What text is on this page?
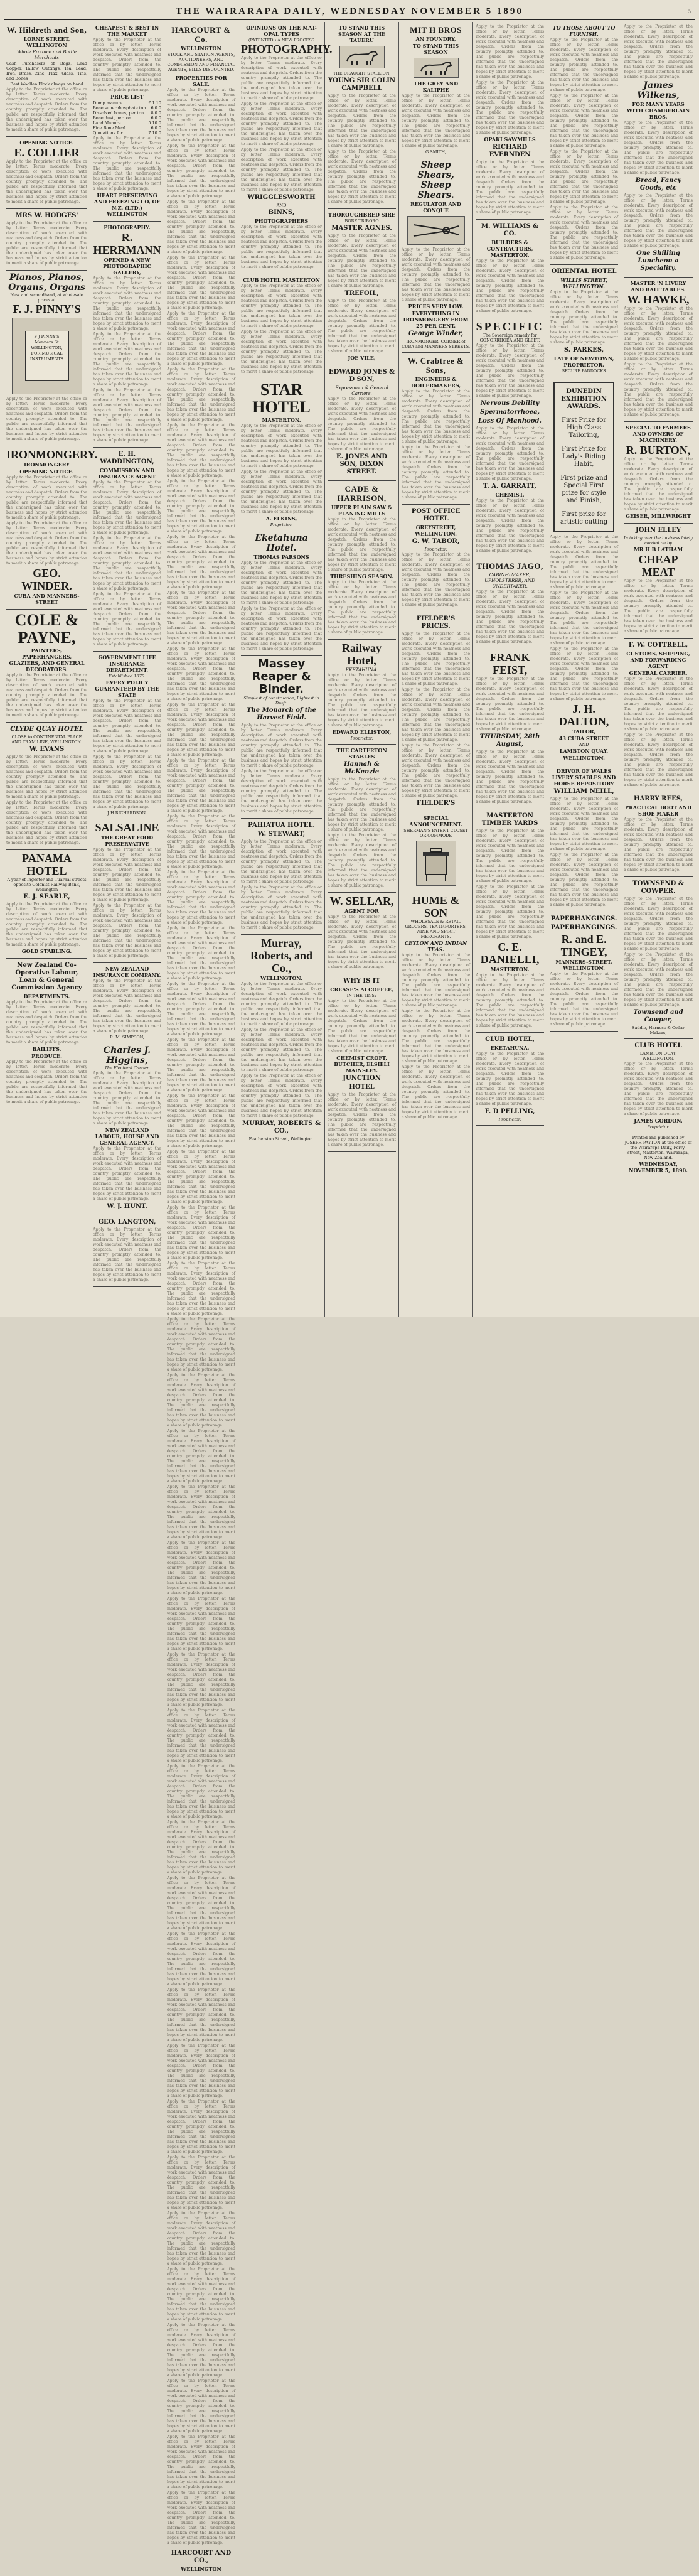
THE WAIRARAPA DAILY, WEDNESDAY NOVEMBER 5 1890	5
W. Hildreth and Son,
LORNE STREET, WELLINGTON
Whole Produce and Bottle Merchants

Cash Purchasers of Bags, Lead Copper, Tallow Cuttings, Tea, Lead, Iron, Brass, Zinc, Flax, Glass, Tins, and Bones

Best Woollen Flock always on hand

Apply to the Proprietor at the office or by letter. Terms moderate. Every description of work executed with neatness and despatch. Orders from the country promptly attended to. The public are respectfully informed that the undersigned has taken over the business and hopes by strict attention to merit a share of public patronage.

OPENING NOTICE.
E. COLLIER

Apply to the Proprietor at the office or by letter. Terms moderate. Every description of work executed with neatness and despatch. Orders from the country promptly attended to. The public are respectfully informed that the undersigned has taken over the business and hopes by strict attention to merit a share of public patronage.

MRS W. HODGES'

Apply to the Proprietor at the office or by letter. Terms moderate. Every description of work executed with neatness and despatch. Orders from the country promptly attended to. The public are respectfully informed that the undersigned has taken over the business and hopes by strict attention to merit a share of public patronage.

Pianos, Pianos, Organs, Organs
New and secondhand, at wholesale prices at
F. J. PINNY'S
F J PINNY'S Manners St WELLINGTON, FOR MUSICAL INSTRUMENTS

Apply to the Proprietor at the office or by letter. Terms moderate. Every description of work executed with neatness and despatch. Orders from the country promptly attended to. The public are respectfully informed that the undersigned has taken over the business and hopes by strict attention to merit a share of public patronage.

IRONMONGERY.
IRONMONGERY
OPENING NOTICE.

Apply to the Proprietor at the office or by letter. Terms moderate. Every description of work executed with neatness and despatch. Orders from the country promptly attended to. The public are respectfully informed that the undersigned has taken over the business and hopes by strict attention to merit a share of public patronage.

Apply to the Proprietor at the office or by letter. Terms moderate. Every description of work executed with neatness and despatch. Orders from the country promptly attended to. The public are respectfully informed that the undersigned has taken over the business and hopes by strict attention to merit a share of public patronage.

GEO. WINDER.
CUBA AND MANNERS-STREET
COLE &
PAYNE,
PAINTERS, PAPERHANGERS, GLAZIERS, AND GENERAL DECORATORS.

Apply to the Proprietor at the office or by letter. Terms moderate. Every description of work executed with neatness and despatch. Orders from the country promptly attended to. The public are respectfully informed that the undersigned has taken over the business and hopes by strict attention to merit a share of public patronage.

CLYDE QUAY HOTEL
CLOSE to CONTINENTAL PLACE AND TRAM LINE, WELLINGTON.
W. EVANS

Apply to the Proprietor at the office or by letter. Terms moderate. Every description of work executed with neatness and despatch. Orders from the country promptly attended to. The public are respectfully informed that the undersigned has taken over the business and hopes by strict attention to merit a share of public patronage.

Apply to the Proprietor at the office or by letter. Terms moderate. Every description of work executed with neatness and despatch. Orders from the country promptly attended to. The public are respectfully informed that the undersigned has taken over the business and hopes by strict attention to merit a share of public patronage.

PANAMA HOTEL
A year of Ingestor and Tuarnal streets opposite Colonist Railway Bank, Wellington
E. J. SEARLE,

Apply to the Proprietor at the office or by letter. Terms moderate. Every description of work executed with neatness and despatch. Orders from the country promptly attended to. The public are respectfully informed that the undersigned has taken over the business and hopes by strict attention to merit a share of public patronage.

GOLD STABLING.
New Zealand Co-Operative Labour, Loan & General Commission Agency
DEPARTMENTS.

Apply to the Proprietor at the office or by letter. Terms moderate. Every description of work executed with neatness and despatch. Orders from the country promptly attended to. The public are respectfully informed that the undersigned has taken over the business and hopes by strict attention to merit a share of public patronage.

BAILIFFS.
PRODUCE.

Apply to the Proprietor at the office or by letter. Terms moderate. Every description of work executed with neatness and despatch. Orders from the country promptly attended to. The public are respectfully informed that the undersigned has taken over the business and hopes by strict attention to merit a share of public patronage.

CHEAPEST & BEST IN THE MARKET

Apply to the Proprietor at the office or by letter. Terms moderate. Every description of work executed with neatness and despatch. Orders from the country promptly attended to. The public are respectfully informed that the undersigned has taken over the business and hopes by strict attention to merit a share of public patronage.

PRICE LIST
Dump manure	£ 1 10
Bone superphosphate ton 6 0 0
Dissolved bones, per ton 8 0 0
Bone dust, per ton	6 0 0
Land Manure	5 10 0
Fine Bone Meal	6 0 0
Quotations for	7 10 0

Apply to the Proprietor at the office or by letter. Terms moderate. Every description of work executed with neatness and despatch. Orders from the country promptly attended to. The public are respectfully informed that the undersigned has taken over the business and hopes by strict attention to merit a share of public patronage.

HEART PRESERVING AND FREEZING CO, OF N.Z. (LTD.) WELLINGTON
PHOTOGRAPHY.
R. HERRMANN
OPENED A NEW PHOTOGRAPHIC GALLERY,

Apply to the Proprietor at the office or by letter. Terms moderate. Every description of work executed with neatness and despatch. Orders from the country promptly attended to. The public are respectfully informed that the undersigned has taken over the business and hopes by strict attention to merit a share of public patronage.

Apply to the Proprietor at the office or by letter. Terms moderate. Every description of work executed with neatness and despatch. Orders from the country promptly attended to. The public are respectfully informed that the undersigned has taken over the business and hopes by strict attention to merit a share of public patronage.

Apply to the Proprietor at the office or by letter. Terms moderate. Every description of work executed with neatness and despatch. Orders from the country promptly attended to. The public are respectfully informed that the undersigned has taken over the business and hopes by strict attention to merit a share of public patronage.

E. H. WADDINGTON,
COMMISSION AND INSURANCE AGENT

Apply to the Proprietor at the office or by letter. Terms moderate. Every description of work executed with neatness and despatch. Orders from the country promptly attended to. The public are respectfully informed that the undersigned has taken over the business and hopes by strict attention to merit a share of public patronage.

Apply to the Proprietor at the office or by letter. Terms moderate. Every description of work executed with neatness and despatch. Orders from the country promptly attended to. The public are respectfully informed that the undersigned has taken over the business and hopes by strict attention to merit a share of public patronage.

Apply to the Proprietor at the office or by letter. Terms moderate. Every description of work executed with neatness and despatch. Orders from the country promptly attended to. The public are respectfully informed that the undersigned has taken over the business and hopes by strict attention to merit a share of public patronage.

GOVERNMENT LIFE INSURANCE DEPARTMENT.
Established 1870.
EVERY POLICY GUARANTEED BY THE STATE

Apply to the Proprietor at the office or by letter. Terms moderate. Every description of work executed with neatness and despatch. Orders from the country promptly attended to. The public are respectfully informed that the undersigned has taken over the business and hopes by strict attention to merit a share of public patronage.

Apply to the Proprietor at the office or by letter. Terms moderate. Every description of work executed with neatness and despatch. Orders from the country promptly attended to. The public are respectfully informed that the undersigned has taken over the business and hopes by strict attention to merit a share of public patronage.

J H RICHARDSON,
SALSALINE
THE GREAT FOOD PRESERVATIVE

Apply to the Proprietor at the office or by letter. Terms moderate. Every description of work executed with neatness and despatch. Orders from the country promptly attended to. The public are respectfully informed that the undersigned has taken over the business and hopes by strict attention to merit a share of public patronage.

Apply to the Proprietor at the office or by letter. Terms moderate. Every description of work executed with neatness and despatch. Orders from the country promptly attended to. The public are respectfully informed that the undersigned has taken over the business and hopes by strict attention to merit a share of public patronage.

NEW ZEALAND INSURANCE COMPANY.

Apply to the Proprietor at the office or by letter. Terms moderate. Every description of work executed with neatness and despatch. Orders from the country promptly attended to. The public are respectfully informed that the undersigned has taken over the business and hopes by strict attention to merit a share of public patronage.

R. M. SIMPSON,
Charles J. Higgins,
The Electoral Carrier.

Apply to the Proprietor at the office or by letter. Terms moderate. Every description of work executed with neatness and despatch. Orders from the country promptly attended to. The public are respectfully informed that the undersigned has taken over the business and hopes by strict attention to merit a share of public patronage.

NEW ZEALAND LABOUR, HOUSE AND GENERAL AGENCY.

Apply to the Proprietor at the office or by letter. Terms moderate. Every description of work executed with neatness and despatch. Orders from the country promptly attended to. The public are respectfully informed that the undersigned has taken over the business and hopes by strict attention to merit a share of public patronage.

W. J. HUNT.
GEO. LANGTON,

Apply to the Proprietor at the office or by letter. Terms moderate. Every description of work executed with neatness and despatch. Orders from the country promptly attended to. The public are respectfully informed that the undersigned has taken over the business and hopes by strict attention to merit a share of public patronage.

HARCOURT & Co.
WELLINGTON
STOCK AND STATION AGENTS, AUCTIONEERS, AND COMMISSION AND FINANCIAL AGENTS, BILLS DISCOUNTED.
PROPERTIES FOR SALE.

Apply to the Proprietor at the office or by letter. Terms moderate. Every description of work executed with neatness and despatch. Orders from the country promptly attended to. The public are respectfully informed that the undersigned has taken over the business and hopes by strict attention to merit a share of public patronage.

Apply to the Proprietor at the office or by letter. Terms moderate. Every description of work executed with neatness and despatch. Orders from the country promptly attended to. The public are respectfully informed that the undersigned has taken over the business and hopes by strict attention to merit a share of public patronage.

Apply to the Proprietor at the office or by letter. Terms moderate. Every description of work executed with neatness and despatch. Orders from the country promptly attended to. The public are respectfully informed that the undersigned has taken over the business and hopes by strict attention to merit a share of public patronage.

Apply to the Proprietor at the office or by letter. Terms moderate. Every description of work executed with neatness and despatch. Orders from the country promptly attended to. The public are respectfully informed that the undersigned has taken over the business and hopes by strict attention to merit a share of public patronage.

Apply to the Proprietor at the office or by letter. Terms moderate. Every description of work executed with neatness and despatch. Orders from the country promptly attended to. The public are respectfully informed that the undersigned has taken over the business and hopes by strict attention to merit a share of public patronage.

Apply to the Proprietor at the office or by letter. Terms moderate. Every description of work executed with neatness and despatch. Orders from the country promptly attended to. The public are respectfully informed that the undersigned has taken over the business and hopes by strict attention to merit a share of public patronage.

Apply to the Proprietor at the office or by letter. Terms moderate. Every description of work executed with neatness and despatch. Orders from the country promptly attended to. The public are respectfully informed that the undersigned has taken over the business and hopes by strict attention to merit a share of public patronage.

Apply to the Proprietor at the office or by letter. Terms moderate. Every description of work executed with neatness and despatch. Orders from the country promptly attended to. The public are respectfully informed that the undersigned has taken over the business and hopes by strict attention to merit a share of public patronage.

Apply to the Proprietor at the office or by letter. Terms moderate. Every description of work executed with neatness and despatch. Orders from the country promptly attended to. The public are respectfully informed that the undersigned has taken over the business and hopes by strict attention to merit a share of public patronage.

Apply to the Proprietor at the office or by letter. Terms moderate. Every description of work executed with neatness and despatch. Orders from the country promptly attended to. The public are respectfully informed that the undersigned has taken over the business and hopes by strict attention to merit a share of public patronage.

Apply to the Proprietor at the office or by letter. Terms moderate. Every description of work executed with neatness and despatch. Orders from the country promptly attended to. The public are respectfully informed that the undersigned has taken over the business and hopes by strict attention to merit a share of public patronage.

Apply to the Proprietor at the office or by letter. Terms moderate. Every description of work executed with neatness and despatch. Orders from the country promptly attended to. The public are respectfully informed that the undersigned has taken over the business and hopes by strict attention to merit a share of public patronage.

Apply to the Proprietor at the office or by letter. Terms moderate. Every description of work executed with neatness and despatch. Orders from the country promptly attended to. The public are respectfully informed that the undersigned has taken over the business and hopes by strict attention to merit a share of public patronage.

Apply to the Proprietor at the office or by letter. Terms moderate. Every description of work executed with neatness and despatch. Orders from the country promptly attended to. The public are respectfully informed that the undersigned has taken over the business and hopes by strict attention to merit a share of public patronage.

Apply to the Proprietor at the office or by letter. Terms moderate. Every description of work executed with neatness and despatch. Orders from the country promptly attended to. The public are respectfully informed that the undersigned has taken over the business and hopes by strict attention to merit a share of public patronage.

Apply to the Proprietor at the office or by letter. Terms moderate. Every description of work executed with neatness and despatch. Orders from the country promptly attended to. The public are respectfully informed that the undersigned has taken over the business and hopes by strict attention to merit a share of public patronage.

Apply to the Proprietor at the office or by letter. Terms moderate. Every description of work executed with neatness and despatch. Orders from the country promptly attended to. The public are respectfully informed that the undersigned has taken over the business and hopes by strict attention to merit a share of public patronage.

Apply to the Proprietor at the office or by letter. Terms moderate. Every description of work executed with neatness and despatch. Orders from the country promptly attended to. The public are respectfully informed that the undersigned has taken over the business and hopes by strict attention to merit a share of public patronage.

Apply to the Proprietor at the office or by letter. Terms moderate. Every description of work executed with neatness and despatch. Orders from the country promptly attended to. The public are respectfully informed that the undersigned has taken over the business and hopes by strict attention to merit a share of public patronage.

Apply to the Proprietor at the office or by letter. Terms moderate. Every description of work executed with neatness and despatch. Orders from the country promptly attended to. The public are respectfully informed that the undersigned has taken over the business and hopes by strict attention to merit a share of public patronage.

Apply to the Proprietor at the office or by letter. Terms moderate. Every description of work executed with neatness and despatch. Orders from the country promptly attended to. The public are respectfully informed that the undersigned has taken over the business and hopes by strict attention to merit a share of public patronage.

Apply to the Proprietor at the office or by letter. Terms moderate. Every description of work executed with neatness and despatch. Orders from the country promptly attended to. The public are respectfully informed that the undersigned has taken over the business and hopes by strict attention to merit a share of public patronage.

Apply to the Proprietor at the office or by letter. Terms moderate. Every description of work executed with neatness and despatch. Orders from the country promptly attended to. The public are respectfully informed that the undersigned has taken over the business and hopes by strict attention to merit a share of public patronage.

Apply to the Proprietor at the office or by letter. Terms moderate. Every description of work executed with neatness and despatch. Orders from the country promptly attended to. The public are respectfully informed that the undersigned has taken over the business and hopes by strict attention to merit a share of public patronage.

Apply to the Proprietor at the office or by letter. Terms moderate. Every description of work executed with neatness and despatch. Orders from the country promptly attended to. The public are respectfully informed that the undersigned has taken over the business and hopes by strict attention to merit a share of public patronage.

Apply to the Proprietor at the office or by letter. Terms moderate. Every description of work executed with neatness and despatch. Orders from the country promptly attended to. The public are respectfully informed that the undersigned has taken over the business and hopes by strict attention to merit a share of public patronage.

Apply to the Proprietor at the office or by letter. Terms moderate. Every description of work executed with neatness and despatch. Orders from the country promptly attended to. The public are respectfully informed that the undersigned has taken over the business and hopes by strict attention to merit a share of public patronage.

Apply to the Proprietor at the office or by letter. Terms moderate. Every description of work executed with neatness and despatch. Orders from the country promptly attended to. The public are respectfully informed that the undersigned has taken over the business and hopes by strict attention to merit a share of public patronage.

Apply to the Proprietor at the office or by letter. Terms moderate. Every description of work executed with neatness and despatch. Orders from the country promptly attended to. The public are respectfully informed that the undersigned has taken over the business and hopes by strict attention to merit a share of public patronage.

Apply to the Proprietor at the office or by letter. Terms moderate. Every description of work executed with neatness and despatch. Orders from the country promptly attended to. The public are respectfully informed that the undersigned has taken over the business and hopes by strict attention to merit a share of public patronage.

Apply to the Proprietor at the office or by letter. Terms moderate. Every description of work executed with neatness and despatch. Orders from the country promptly attended to. The public are respectfully informed that the undersigned has taken over the business and hopes by strict attention to merit a share of public patronage.

Apply to the Proprietor at the office or by letter. Terms moderate. Every description of work executed with neatness and despatch. Orders from the country promptly attended to. The public are respectfully informed that the undersigned has taken over the business and hopes by strict attention to merit a share of public patronage.

Apply to the Proprietor at the office or by letter. Terms moderate. Every description of work executed with neatness and despatch. Orders from the country promptly attended to. The public are respectfully informed that the undersigned has taken over the business and hopes by strict attention to merit a share of public patronage.

Apply to the Proprietor at the office or by letter. Terms moderate. Every description of work executed with neatness and despatch. Orders from the country promptly attended to. The public are respectfully informed that the undersigned has taken over the business and hopes by strict attention to merit a share of public patronage.

Apply to the Proprietor at the office or by letter. Terms moderate. Every description of work executed with neatness and despatch. Orders from the country promptly attended to. The public are respectfully informed that the undersigned has taken over the business and hopes by strict attention to merit a share of public patronage.

Apply to the Proprietor at the office or by letter. Terms moderate. Every description of work executed with neatness and despatch. Orders from the country promptly attended to. The public are respectfully informed that the undersigned has taken over the business and hopes by strict attention to merit a share of public patronage.

Apply to the Proprietor at the office or by letter. Terms moderate. Every description of work executed with neatness and despatch. Orders from the country promptly attended to. The public are respectfully informed that the undersigned has taken over the business and hopes by strict attention to merit a share of public patronage.

Apply to the Proprietor at the office or by letter. Terms moderate. Every description of work executed with neatness and despatch. Orders from the country promptly attended to. The public are respectfully informed that the undersigned has taken over the business and hopes by strict attention to merit a share of public patronage.

Apply to the Proprietor at the office or by letter. Terms moderate. Every description of work executed with neatness and despatch. Orders from the country promptly attended to. The public are respectfully informed that the undersigned has taken over the business and hopes by strict attention to merit a share of public patronage.

Apply to the Proprietor at the office or by letter. Terms moderate. Every description of work executed with neatness and despatch. Orders from the country promptly attended to. The public are respectfully informed that the undersigned has taken over the business and hopes by strict attention to merit a share of public patronage.

Apply to the Proprietor at the office or by letter. Terms moderate. Every description of work executed with neatness and despatch. Orders from the country promptly attended to. The public are respectfully informed that the undersigned has taken over the business and hopes by strict attention to merit a share of public patronage.

Apply to the Proprietor at the office or by letter. Terms moderate. Every description of work executed with neatness and despatch. Orders from the country promptly attended to. The public are respectfully informed that the undersigned has taken over the business and hopes by strict attention to merit a share of public patronage.

Apply to the Proprietor at the office or by letter. Terms moderate. Every description of work executed with neatness and despatch. Orders from the country promptly attended to. The public are respectfully informed that the undersigned has taken over the business and hopes by strict attention to merit a share of public patronage.

Apply to the Proprietor at the office or by letter. Terms moderate. Every description of work executed with neatness and despatch. Orders from the country promptly attended to. The public are respectfully informed that the undersigned has taken over the business and hopes by strict attention to merit a share of public patronage.

HARCOURT AND CO.,
WELLINGTON
OPINIONS ON THE MAT-OPAL TYPES
(PATENTED.) A NEW PROCESS
PHOTOGRAPHY.

Apply to the Proprietor at the office or by letter. Terms moderate. Every description of work executed with neatness and despatch. Orders from the country promptly attended to. The public are respectfully informed that the undersigned has taken over the business and hopes by strict attention to merit a share of public patronage.

Apply to the Proprietor at the office or by letter. Terms moderate. Every description of work executed with neatness and despatch. Orders from the country promptly attended to. The public are respectfully informed that the undersigned has taken over the business and hopes by strict attention to merit a share of public patronage.

Apply to the Proprietor at the office or by letter. Terms moderate. Every description of work executed with neatness and despatch. Orders from the country promptly attended to. The public are respectfully informed that the undersigned has taken over the business and hopes by strict attention to merit a share of public patronage.

WRIGGLESWORTH
AND
BINNS,
PHOTOGRAPHERS

Apply to the Proprietor at the office or by letter. Terms moderate. Every description of work executed with neatness and despatch. Orders from the country promptly attended to. The public are respectfully informed that the undersigned has taken over the business and hopes by strict attention to merit a share of public patronage.

CLUB HOTEL MASTERTON

Apply to the Proprietor at the office or by letter. Terms moderate. Every description of work executed with neatness and despatch. Orders from the country promptly attended to. The public are respectfully informed that the undersigned has taken over the business and hopes by strict attention to merit a share of public patronage.

Apply to the Proprietor at the office or by letter. Terms moderate. Every description of work executed with neatness and despatch. Orders from the country promptly attended to. The public are respectfully informed that the undersigned has taken over the business and hopes by strict attention to merit a share of public patronage.

STAR HOTEL
MASTERTON.

Apply to the Proprietor at the office or by letter. Terms moderate. Every description of work executed with neatness and despatch. Orders from the country promptly attended to. The public are respectfully informed that the undersigned has taken over the business and hopes by strict attention to merit a share of public patronage.

Apply to the Proprietor at the office or by letter. Terms moderate. Every description of work executed with neatness and despatch. Orders from the country promptly attended to. The public are respectfully informed that the undersigned has taken over the business and hopes by strict attention to merit a share of public patronage.

A. ELKINS,
Proprietor.
Eketahuna Hotel.
THOMAS PARSONS

Apply to the Proprietor at the office or by letter. Terms moderate. Every description of work executed with neatness and despatch. Orders from the country promptly attended to. The public are respectfully informed that the undersigned has taken over the business and hopes by strict attention to merit a share of public patronage.

Apply to the Proprietor at the office or by letter. Terms moderate. Every description of work executed with neatness and despatch. Orders from the country promptly attended to. The public are respectfully informed that the undersigned has taken over the business and hopes by strict attention to merit a share of public patronage.

Massey Reaper & Binder.
Simplest of construction, Lightest in Draft.
The Monarch of the Harvest Field.

Apply to the Proprietor at the office or by letter. Terms moderate. Every description of work executed with neatness and despatch. Orders from the country promptly attended to. The public are respectfully informed that the undersigned has taken over the business and hopes by strict attention to merit a share of public patronage.

Apply to the Proprietor at the office or by letter. Terms moderate. Every description of work executed with neatness and despatch. Orders from the country promptly attended to. The public are respectfully informed that the undersigned has taken over the business and hopes by strict attention to merit a share of public patronage.

PAHIATUA HOTEL.
W. STEWART,

Apply to the Proprietor at the office or by letter. Terms moderate. Every description of work executed with neatness and despatch. Orders from the country promptly attended to. The public are respectfully informed that the undersigned has taken over the business and hopes by strict attention to merit a share of public patronage.

Apply to the Proprietor at the office or by letter. Terms moderate. Every description of work executed with neatness and despatch. Orders from the country promptly attended to. The public are respectfully informed that the undersigned has taken over the business and hopes by strict attention to merit a share of public patronage.

Murray, Roberts, and Co.,
WELLINGTON.

Apply to the Proprietor at the office or by letter. Terms moderate. Every description of work executed with neatness and despatch. Orders from the country promptly attended to. The public are respectfully informed that the undersigned has taken over the business and hopes by strict attention to merit a share of public patronage.

Apply to the Proprietor at the office or by letter. Terms moderate. Every description of work executed with neatness and despatch. Orders from the country promptly attended to. The public are respectfully informed that the undersigned has taken over the business and hopes by strict attention to merit a share of public patronage.

Apply to the Proprietor at the office or by letter. Terms moderate. Every description of work executed with neatness and despatch. Orders from the country promptly attended to. The public are respectfully informed that the undersigned has taken over the business and hopes by strict attention to merit a share of public patronage.

MURRAY, ROBERTS & CO.,
Featherston Street, Wellington.
TO STAND THIS SEASON AT THE TAUERU
THE DRAUGHT STALLION,
YOUNG SIR COLIN CAMPBELL

Apply to the Proprietor at the office or by letter. Terms moderate. Every description of work executed with neatness and despatch. Orders from the country promptly attended to. The public are respectfully informed that the undersigned has taken over the business and hopes by strict attention to merit a share of public patronage.

Apply to the Proprietor at the office or by letter. Terms moderate. Every description of work executed with neatness and despatch. Orders from the country promptly attended to. The public are respectfully informed that the undersigned has taken over the business and hopes by strict attention to merit a share of public patronage.

THOROUGHBRED SIRE
BORE TRIBORO
MASTER AGNES.

Apply to the Proprietor at the office or by letter. Terms moderate. Every description of work executed with neatness and despatch. Orders from the country promptly attended to. The public are respectfully informed that the undersigned has taken over the business and hopes by strict attention to merit a share of public patronage.

TREFOIL,

Apply to the Proprietor at the office or by letter. Terms moderate. Every description of work executed with neatness and despatch. Orders from the country promptly attended to. The public are respectfully informed that the undersigned has taken over the business and hopes by strict attention to merit a share of public patronage.

JOE VILE,
EDWARD JONES & D SON,
Expressmen & General Carriers.

Apply to the Proprietor at the office or by letter. Terms moderate. Every description of work executed with neatness and despatch. Orders from the country promptly attended to. The public are respectfully informed that the undersigned has taken over the business and hopes by strict attention to merit a share of public patronage.

E. JONES AND SON, DIXON STREET.
CADE & HARRISON,
UPPER PLAIN SAW & PLANING MILLS

Apply to the Proprietor at the office or by letter. Terms moderate. Every description of work executed with neatness and despatch. Orders from the country promptly attended to. The public are respectfully informed that the undersigned has taken over the business and hopes by strict attention to merit a share of public patronage.

THRESHING SEASON.

Apply to the Proprietor at the office or by letter. Terms moderate. Every description of work executed with neatness and despatch. Orders from the country promptly attended to. The public are respectfully informed that the undersigned has taken over the business and hopes by strict attention to merit a share of public patronage.

Railway Hotel,
EKETAHUNA.

Apply to the Proprietor at the office or by letter. Terms moderate. Every description of work executed with neatness and despatch. Orders from the country promptly attended to. The public are respectfully informed that the undersigned has taken over the business and hopes by strict attention to merit a share of public patronage.

EDWARD ELLISTON,
Proprietor.
THE CARTERTON STABLES
Hannah & McKenzie

Apply to the Proprietor at the office or by letter. Terms moderate. Every description of work executed with neatness and despatch. Orders from the country promptly attended to. The public are respectfully informed that the undersigned has taken over the business and hopes by strict attention to merit a share of public patronage.

Apply to the Proprietor at the office or by letter. Terms moderate. Every description of work executed with neatness and despatch. Orders from the country promptly attended to. The public are respectfully informed that the undersigned has taken over the business and hopes by strict attention to merit a share of public patronage.

W. SELLAR,
AGENT FOR

Apply to the Proprietor at the office or by letter. Terms moderate. Every description of work executed with neatness and despatch. Orders from the country promptly attended to. The public are respectfully informed that the undersigned has taken over the business and hopes by strict attention to merit a share of public patronage.

WHY IS IT
CREASE'S AI COFFEE,
IN THE TINS?

Apply to the Proprietor at the office or by letter. Terms moderate. Every description of work executed with neatness and despatch. Orders from the country promptly attended to. The public are respectfully informed that the undersigned has taken over the business and hopes by strict attention to merit a share of public patronage.

CHEMIST CROFT, BUTCHER, ELSIELI MAINSLEY.
JUNCTION
HOTEL

Apply to the Proprietor at the office or by letter. Terms moderate. Every description of work executed with neatness and despatch. Orders from the country promptly attended to. The public are respectfully informed that the undersigned has taken over the business and hopes by strict attention to merit a share of public patronage.

MIT H BROS
AN FOUNDRY,
TO STAND THIS SEASON
THE GREY AND KALIPHE

Apply to the Proprietor at the office or by letter. Terms moderate. Every description of work executed with neatness and despatch. Orders from the country promptly attended to. The public are respectfully informed that the undersigned has taken over the business and hopes by strict attention to merit a share of public patronage.

G SMITH,
Sheep Shears, Sheep Shears.
REGULATOR AND CONQUE

Apply to the Proprietor at the office or by letter. Terms moderate. Every description of work executed with neatness and despatch. Orders from the country promptly attended to. The public are respectfully informed that the undersigned has taken over the business and hopes by strict attention to merit a share of public patronage.

PRICES VERY LOW.
EVERYTHING IN IRONMONGERY FROM 25 PER CENT.
George Winder,
IRONMONGER, CORNER of CUBA and MANNERS STREETS.
W. Crabtree & Sons,
ENGINEERS & BOILERMAKERS,

Apply to the Proprietor at the office or by letter. Terms moderate. Every description of work executed with neatness and despatch. Orders from the country promptly attended to. The public are respectfully informed that the undersigned has taken over the business and hopes by strict attention to merit a share of public patronage.

Apply to the Proprietor at the office or by letter. Terms moderate. Every description of work executed with neatness and despatch. Orders from the country promptly attended to. The public are respectfully informed that the undersigned has taken over the business and hopes by strict attention to merit a share of public patronage.

POST OFFICE HOTEL
GREYSTREET, WELLINGTON.
G. W. TABOR,
Proprietor.

Apply to the Proprietor at the office or by letter. Terms moderate. Every description of work executed with neatness and despatch. Orders from the country promptly attended to. The public are respectfully informed that the undersigned has taken over the business and hopes by strict attention to merit a share of public patronage.

FIELDER'S PRICES.

Apply to the Proprietor at the office or by letter. Terms moderate. Every description of work executed with neatness and despatch. Orders from the country promptly attended to. The public are respectfully informed that the undersigned has taken over the business and hopes by strict attention to merit a share of public patronage.

Apply to the Proprietor at the office or by letter. Terms moderate. Every description of work executed with neatness and despatch. Orders from the country promptly attended to. The public are respectfully informed that the undersigned has taken over the business and hopes by strict attention to merit a share of public patronage.

Apply to the Proprietor at the office or by letter. Terms moderate. Every description of work executed with neatness and despatch. Orders from the country promptly attended to. The public are respectfully informed that the undersigned has taken over the business and hopes by strict attention to merit a share of public patronage.

FIELDER'S
SPECIAL ANNOUNCEMENT.
SHERMAN'S PATENT CLOSET OR COMMODE
HUME & SON
WHOLESALE & RETAIL GROCERS, TEA IMPORTERS, WINE AND SPIRIT MERCHANTS.
CEYLON AND INDIAN TEAS.

Apply to the Proprietor at the office or by letter. Terms moderate. Every description of work executed with neatness and despatch. Orders from the country promptly attended to. The public are respectfully informed that the undersigned has taken over the business and hopes by strict attention to merit a share of public patronage.

Apply to the Proprietor at the office or by letter. Terms moderate. Every description of work executed with neatness and despatch. Orders from the country promptly attended to. The public are respectfully informed that the undersigned has taken over the business and hopes by strict attention to merit a share of public patronage.

Apply to the Proprietor at the office or by letter. Terms moderate. Every description of work executed with neatness and despatch. Orders from the country promptly attended to. The public are respectfully informed that the undersigned has taken over the business and hopes by strict attention to merit a share of public patronage.

Apply to the Proprietor at the office or by letter. Terms moderate. Every description of work executed with neatness and despatch. Orders from the country promptly attended to. The public are respectfully informed that the undersigned has taken over the business and hopes by strict attention to merit a share of public patronage.

Apply to the Proprietor at the office or by letter. Terms moderate. Every description of work executed with neatness and despatch. Orders from the country promptly attended to. The public are respectfully informed that the undersigned has taken over the business and hopes by strict attention to merit a share of public patronage.

OPAKI SAWMILLS
RICHARD EVERNDEN

Apply to the Proprietor at the office or by letter. Terms moderate. Every description of work executed with neatness and despatch. Orders from the country promptly attended to. The public are respectfully informed that the undersigned has taken over the business and hopes by strict attention to merit a share of public patronage.

M. WILLIAMS & CO.
BUILDERS & CONTRACTORS, MASTERTON.

Apply to the Proprietor at the office or by letter. Terms moderate. Every description of work executed with neatness and despatch. Orders from the country promptly attended to. The public are respectfully informed that the undersigned has taken over the business and hopes by strict attention to merit a share of public patronage.

SPECIFIC
The Sovereign remedy for GONORRHOEA AND GLEET.

Apply to the Proprietor at the office or by letter. Terms moderate. Every description of work executed with neatness and despatch. Orders from the country promptly attended to. The public are respectfully informed that the undersigned has taken over the business and hopes by strict attention to merit a share of public patronage.

Nervous Debility
Spermatorrhoea,
Loss Of Manhood.

Apply to the Proprietor at the office or by letter. Terms moderate. Every description of work executed with neatness and despatch. Orders from the country promptly attended to. The public are respectfully informed that the undersigned has taken over the business and hopes by strict attention to merit a share of public patronage.

T. A. GARRATT,
CHEMIST,

Apply to the Proprietor at the office or by letter. Terms moderate. Every description of work executed with neatness and despatch. Orders from the country promptly attended to. The public are respectfully informed that the undersigned has taken over the business and hopes by strict attention to merit a share of public patronage.

THOMAS JAGO,
CABINETMAKER, UPHOLSTERER, AND UNDERTAKER,

Apply to the Proprietor at the office or by letter. Terms moderate. Every description of work executed with neatness and despatch. Orders from the country promptly attended to. The public are respectfully informed that the undersigned has taken over the business and hopes by strict attention to merit a share of public patronage.

FRANK FEIST,

Apply to the Proprietor at the office or by letter. Terms moderate. Every description of work executed with neatness and despatch. Orders from the country promptly attended to. The public are respectfully informed that the undersigned has taken over the business and hopes by strict attention to merit a share of public patronage.

THURSDAY, 28th August,

Apply to the Proprietor at the office or by letter. Terms moderate. Every description of work executed with neatness and despatch. Orders from the country promptly attended to. The public are respectfully informed that the undersigned has taken over the business and hopes by strict attention to merit a share of public patronage.

MASTERTON TIMBER YARDS

Apply to the Proprietor at the office or by letter. Terms moderate. Every description of work executed with neatness and despatch. Orders from the country promptly attended to. The public are respectfully informed that the undersigned has taken over the business and hopes by strict attention to merit a share of public patronage.

Apply to the Proprietor at the office or by letter. Terms moderate. Every description of work executed with neatness and despatch. Orders from the country promptly attended to. The public are respectfully informed that the undersigned has taken over the business and hopes by strict attention to merit a share of public patronage.

C. E. DANIELLI,
MASTERTON.

Apply to the Proprietor at the office or by letter. Terms moderate. Every description of work executed with neatness and despatch. Orders from the country promptly attended to. The public are respectfully informed that the undersigned has taken over the business and hopes by strict attention to merit a share of public patronage.

CLUB HOTEL,
EKETAHUNA.

Apply to the Proprietor at the office or by letter. Terms moderate. Every description of work executed with neatness and despatch. Orders from the country promptly attended to. The public are respectfully informed that the undersigned has taken over the business and hopes by strict attention to merit a share of public patronage.

F. D PELLING,
Proprietor.
TO THOSE ABOUT TO FURNISH.

Apply to the Proprietor at the office or by letter. Terms moderate. Every description of work executed with neatness and despatch. Orders from the country promptly attended to. The public are respectfully informed that the undersigned has taken over the business and hopes by strict attention to merit a share of public patronage.

Apply to the Proprietor at the office or by letter. Terms moderate. Every description of work executed with neatness and despatch. Orders from the country promptly attended to. The public are respectfully informed that the undersigned has taken over the business and hopes by strict attention to merit a share of public patronage.

Apply to the Proprietor at the office or by letter. Terms moderate. Every description of work executed with neatness and despatch. Orders from the country promptly attended to. The public are respectfully informed that the undersigned has taken over the business and hopes by strict attention to merit a share of public patronage.

Apply to the Proprietor at the office or by letter. Terms moderate. Every description of work executed with neatness and despatch. Orders from the country promptly attended to. The public are respectfully informed that the undersigned has taken over the business and hopes by strict attention to merit a share of public patronage.

ORIENTAL HOTEL
WILLIS STREET, WELLINGTON.

Apply to the Proprietor at the office or by letter. Terms moderate. Every description of work executed with neatness and despatch. Orders from the country promptly attended to. The public are respectfully informed that the undersigned has taken over the business and hopes by strict attention to merit a share of public patronage.

S. PARKES,
LATE OF NEWTOWN, PROPRIETOR.
SECURE PADDOCKS
DUNEDIN EXHIBITION AWARDS.
First Prize for High Class Tailoring,
First Prize for Lady's Riding Habit,
First prize and Special First prize for style and Finish,
First prize for artistic cutting

Apply to the Proprietor at the office or by letter. Terms moderate. Every description of work executed with neatness and despatch. Orders from the country promptly attended to. The public are respectfully informed that the undersigned has taken over the business and hopes by strict attention to merit a share of public patronage.

Apply to the Proprietor at the office or by letter. Terms moderate. Every description of work executed with neatness and despatch. Orders from the country promptly attended to. The public are respectfully informed that the undersigned has taken over the business and hopes by strict attention to merit a share of public patronage.

Apply to the Proprietor at the office or by letter. Terms moderate. Every description of work executed with neatness and despatch. Orders from the country promptly attended to. The public are respectfully informed that the undersigned has taken over the business and hopes by strict attention to merit a share of public patronage.

J. H. DALTON,
TAILOR,
43 CUBA STREET
AND
LAMBTON QUAY,
WELLINGTON.
DRIVOR OF WALES LIVERY STABLES AND HORSE REPOSITORY
WILLIAM NEILL,

Apply to the Proprietor at the office or by letter. Terms moderate. Every description of work executed with neatness and despatch. Orders from the country promptly attended to. The public are respectfully informed that the undersigned has taken over the business and hopes by strict attention to merit a share of public patronage.

Apply to the Proprietor at the office or by letter. Terms moderate. Every description of work executed with neatness and despatch. Orders from the country promptly attended to. The public are respectfully informed that the undersigned has taken over the business and hopes by strict attention to merit a share of public patronage.

PAPERHANGINGS.
PAPERHANGINGS.
R. and E. TINGEY,
MANNERS-STREET, WELLINGTON.

Apply to the Proprietor at the office or by letter. Terms moderate. Every description of work executed with neatness and despatch. Orders from the country promptly attended to. The public are respectfully informed that the undersigned has taken over the business and hopes by strict attention to merit a share of public patronage.

Apply to the Proprietor at the office or by letter. Terms moderate. Every description of work executed with neatness and despatch. Orders from the country promptly attended to. The public are respectfully informed that the undersigned has taken over the business and hopes by strict attention to merit a share of public patronage.

James Wilkens,
FOR MANY YEARS WITH CHAMBERLAIN BROS.

Apply to the Proprietor at the office or by letter. Terms moderate. Every description of work executed with neatness and despatch. Orders from the country promptly attended to. The public are respectfully informed that the undersigned has taken over the business and hopes by strict attention to merit a share of public patronage.

Bread, Fancy Goods, etc

Apply to the Proprietor at the office or by letter. Terms moderate. Every description of work executed with neatness and despatch. Orders from the country promptly attended to. The public are respectfully informed that the undersigned has taken over the business and hopes by strict attention to merit a share of public patronage.

One Shilling Luncheon a Speciality.
MASTER 'N LIVERY AND BAIT TABLES.
W. HAWKE,

Apply to the Proprietor at the office or by letter. Terms moderate. Every description of work executed with neatness and despatch. Orders from the country promptly attended to. The public are respectfully informed that the undersigned has taken over the business and hopes by strict attention to merit a share of public patronage.

Apply to the Proprietor at the office or by letter. Terms moderate. Every description of work executed with neatness and despatch. Orders from the country promptly attended to. The public are respectfully informed that the undersigned has taken over the business and hopes by strict attention to merit a share of public patronage.

SPECIAL TO FARMERS AND OWNERS OF MACHINERY.
R. BURTON,

Apply to the Proprietor at the office or by letter. Terms moderate. Every description of work executed with neatness and despatch. Orders from the country promptly attended to. The public are respectfully informed that the undersigned has taken over the business and hopes by strict attention to merit a share of public patronage.

GEISER, MILLWRIGHT
JOHN ELLEY
In taking over the business lately carried on by
MR H B LATHAM
CHEAP MEAT

Apply to the Proprietor at the office or by letter. Terms moderate. Every description of work executed with neatness and despatch. Orders from the country promptly attended to. The public are respectfully informed that the undersigned has taken over the business and hopes by strict attention to merit a share of public patronage.

F. W. COTTRELL,
CUSTOMS, SHIPPING, AND FORWARDING AGENT
GENERAL CARRIER.

Apply to the Proprietor at the office or by letter. Terms moderate. Every description of work executed with neatness and despatch. Orders from the country promptly attended to. The public are respectfully informed that the undersigned has taken over the business and hopes by strict attention to merit a share of public patronage.

Apply to the Proprietor at the office or by letter. Terms moderate. Every description of work executed with neatness and despatch. Orders from the country promptly attended to. The public are respectfully informed that the undersigned has taken over the business and hopes by strict attention to merit a share of public patronage.

HARRY REES,
PRACTICAL BOOT AND SHOE MAKER

Apply to the Proprietor at the office or by letter. Terms moderate. Every description of work executed with neatness and despatch. Orders from the country promptly attended to. The public are respectfully informed that the undersigned has taken over the business and hopes by strict attention to merit a share of public patronage.

TOWNSEND & COWPER.

Apply to the Proprietor at the office or by letter. Terms moderate. Every description of work executed with neatness and despatch. Orders from the country promptly attended to. The public are respectfully informed that the undersigned has taken over the business and hopes by strict attention to merit a share of public patronage.

Apply to the Proprietor at the office or by letter. Terms moderate. Every description of work executed with neatness and despatch. Orders from the country promptly attended to. The public are respectfully informed that the undersigned has taken over the business and hopes by strict attention to merit a share of public patronage.

Townsend and Cowper,
Saddle, Harness & Collar Makers,
CLUB HOTEL
LAMBTON QUAY, WELLINGTON,

Apply to the Proprietor at the office or by letter. Terms moderate. Every description of work executed with neatness and despatch. Orders from the country promptly attended to. The public are respectfully informed that the undersigned has taken over the business and hopes by strict attention to merit a share of public patronage.

JAMES GORDON,
Proprietor.
Printed and published by JOSEPH PAYTON at the office of the Wairarapa Daily, Perry-street, Masterton, Wairarapa, New Zealand.
WEDNESDAY, NOVEMBER 5, 1890.
